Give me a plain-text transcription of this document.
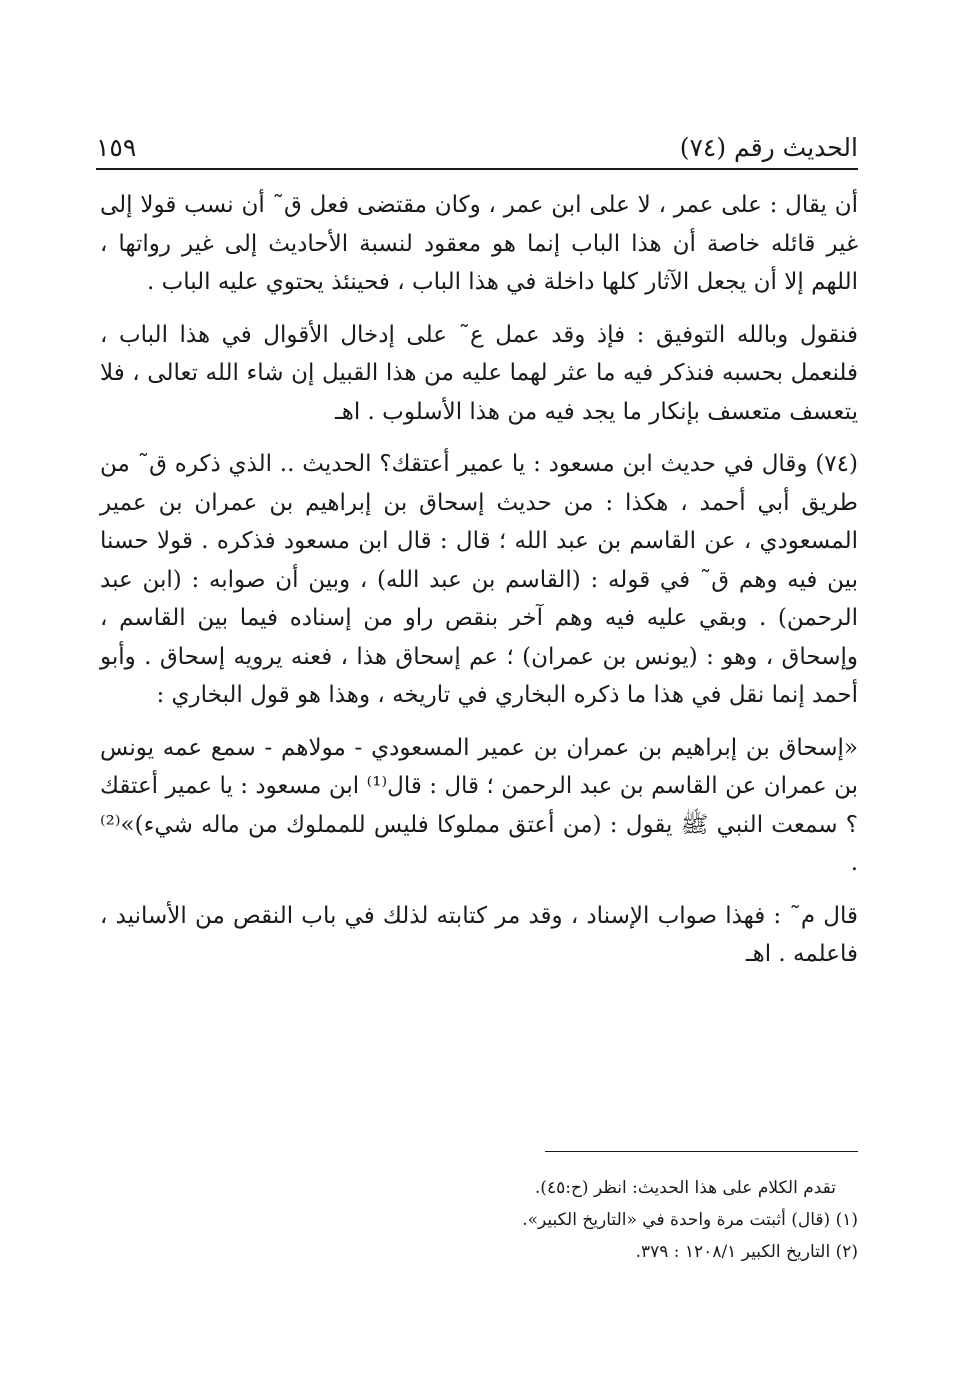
الحديث رقم (٧٤)
١٥٩

أن يقال : على عمر ، لا على ابن عمر ، وكان مقتضى فعل ق˜ أن نسب قولا إلى غير قائله خاصة أن هذا الباب إنما هو معقود لنسبة الأحاديث إلى غير رواتها ، اللهم إلا أن يجعل الآثار كلها داخلة في هذا الباب ، فحينئذ يحتوي عليه الباب .

فنقول وبالله التوفيق : فإذ وقد عمل ع˜ على إدخال الأقوال في هذا الباب ، فلنعمل بحسبه فنذكر فيه ما عثر لهما عليه من هذا القبيل إن شاء الله تعالى ، فلا يتعسف متعسف بإنكار ما يجد فيه من هذا الأسلوب . اهـ

(٧٤) وقال في حديث ابن مسعود : يا عمير أعتقك؟ الحديث .. الذي ذكره ق˜ من طريق أبي أحمد ، هكذا : من حديث إسحاق بن إبراهيم بن عمران بن عمير المسعودي ، عن القاسم بن عبد الله ؛ قال : قال ابن مسعود فذكره . قولا حسنا بين فيه وهم ق˜ في قوله : (القاسم بن عبد الله) ، وبين أن صوابه : (ابن عبد الرحمن) . وبقي عليه فيه وهم آخر بنقص راو من إسناده فيما بين القاسم ، وإسحاق ، وهو : (يونس بن عمران) ؛ عم إسحاق هذا ، فعنه يرويه إسحاق . وأبو أحمد إنما نقل في هذا ما ذكره البخاري في تاريخه ، وهذا هو قول البخاري :

«إسحاق بن إبراهيم بن عمران بن عمير المسعودي - مولاهم - سمع عمه يونس بن عمران عن القاسم بن عبد الرحمن ؛ قال : قال⁽¹⁾ ابن مسعود : يا عمير أعتقك ؟ سمعت النبي ﷺ يقول : (من أعتق مملوكا فليس للمملوك من ماله شيء)»⁽²⁾ .

قال م˜ : فهذا صواب الإسناد ، وقد مر كتابته لذلك في باب النقص من الأسانيد ، فاعلمه . اهـ

تقدم الكلام على هذا الحديث: انظر (ح:٤٥).
(١) (قال) أثبتت مرة واحدة في «التاريخ الكبير».
(٢) التاريخ الكبير ١٢٠٨/١ : ٣٧٩.
